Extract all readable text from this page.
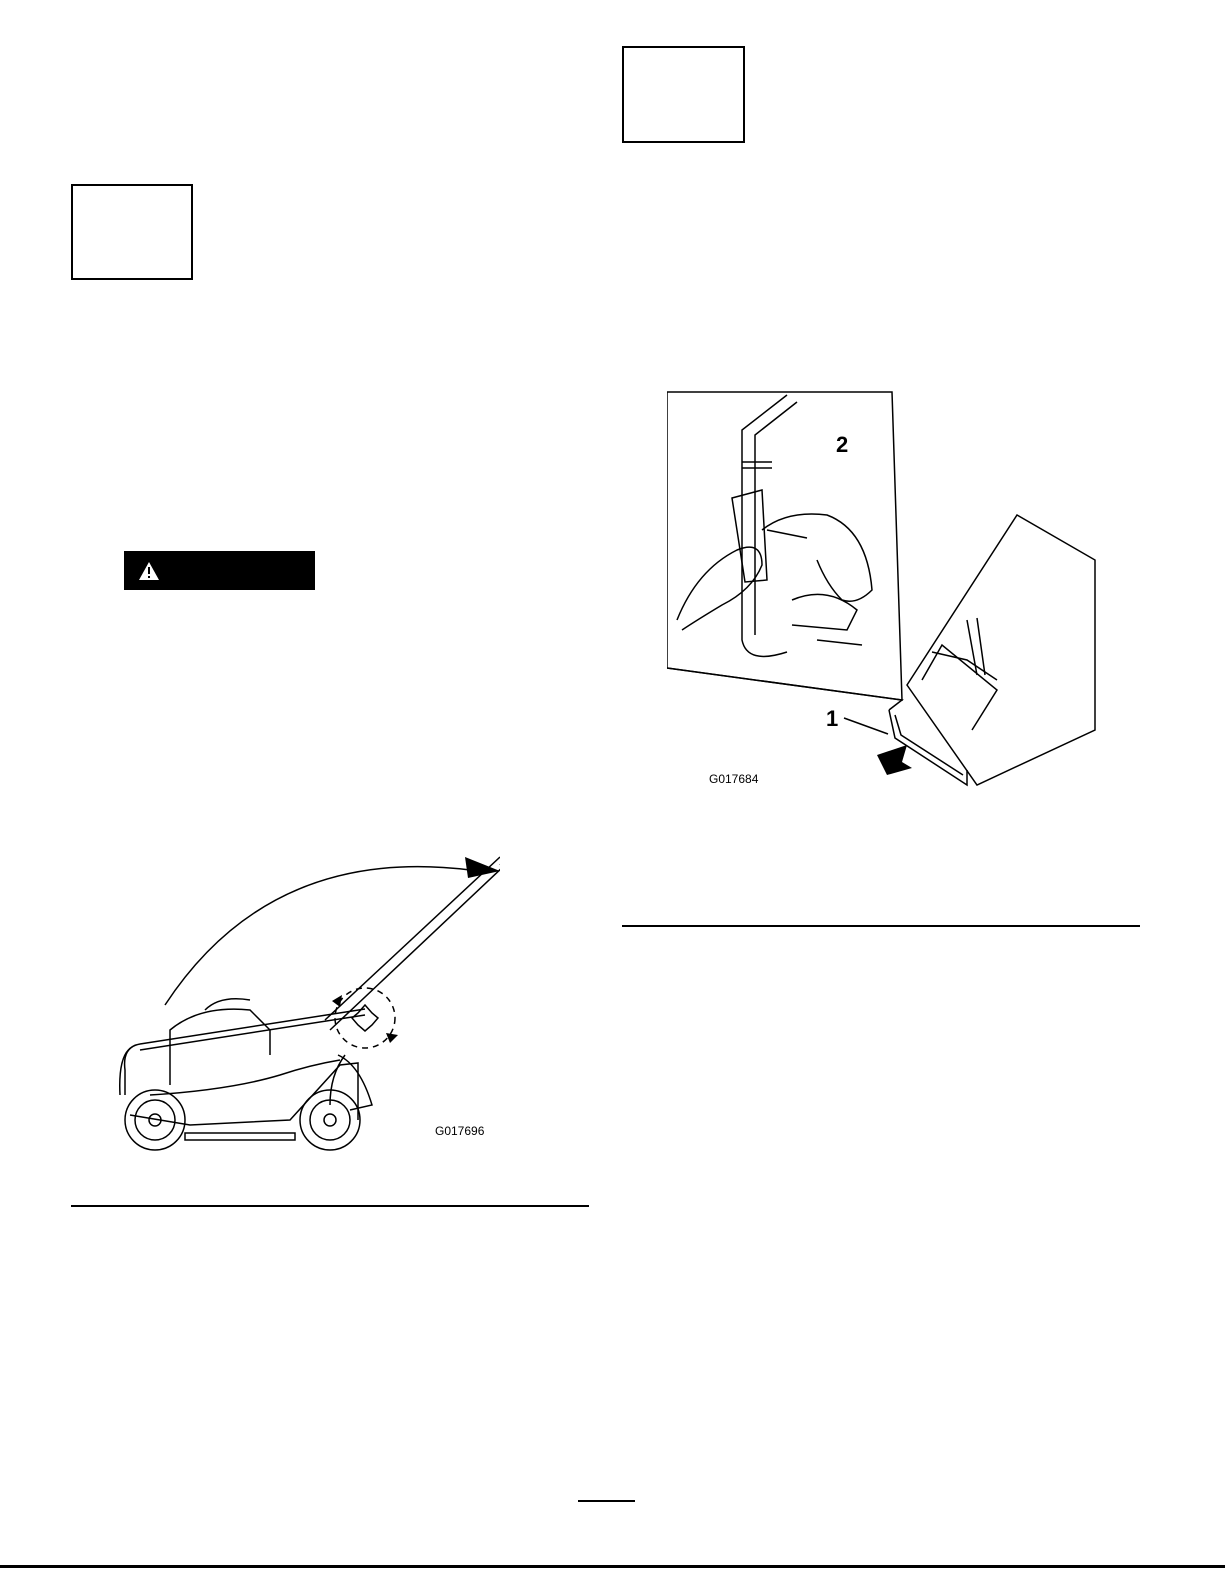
G017696
2
1
G017684
